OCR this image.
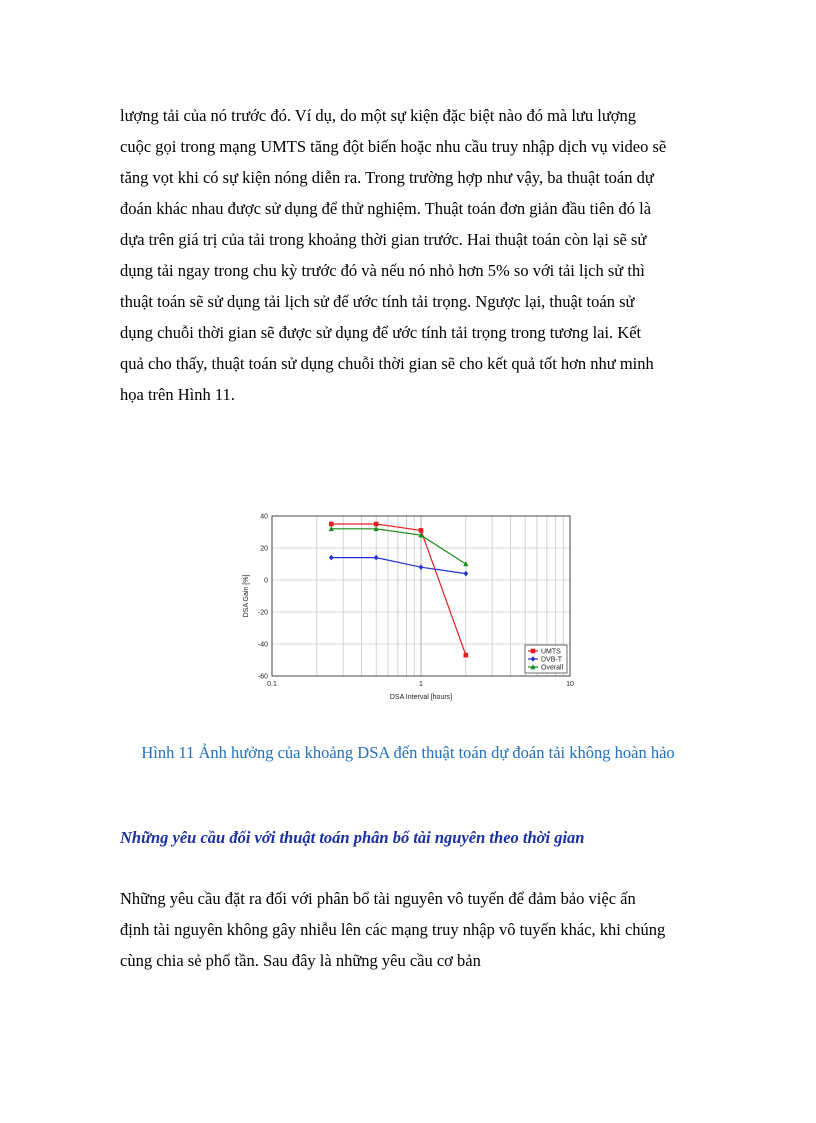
lượng tải của nó trước đó. Ví dụ, do một sự kiện đặc biệt nào đó mà lưu lượng
cuộc gọi trong mạng UMTS tăng đột biến hoặc nhu cầu truy nhập dịch vụ video sẽ
tăng vọt khi có sự kiện nóng diễn ra. Trong trường hợp như vậy, ba thuật toán dự
đoán khác nhau được sử dụng để thử nghiệm. Thuật toán đơn giản đầu tiên đó là
dựa trên giá trị của tải trong khoảng thời gian trước. Hai thuật toán còn lại sẽ sử
dụng tải ngay trong chu kỳ trước đó và nếu nó nhỏ hơn 5% so với tải lịch sử thì
thuật toán sẽ sử dụng tải lịch sử để ước tính tải trọng. Ngược lại, thuật toán sử
dụng chuỗi thời gian sẽ được sử dụng để ước tính tải trọng trong tương lai. Kết
quả cho thấy, thuật toán sử dụng chuỗi thời gian sẽ cho kết quả tốt hơn như minh
họa trên Hình 11.
40
20
0
-20
-40
-60
0.1	1	10
DSA Interval [hours]
DSA Gain [%]
UMTS
DVB-T
Overall

Hình 11 Ảnh hưởng của khoảng DSA đến thuật toán dự đoán tải không hoàn hảo

Những yêu cầu đối với thuật toán phân bổ tài nguyên theo thời gian

Những yêu cầu đặt ra đối với phân bổ tài nguyên vô tuyến để đảm bảo việc ấn
định tài nguyên không gây nhiễu lên các mạng truy nhập vô tuyến khác, khi chúng
cùng chia sẻ phổ tần. Sau đây là những yêu cầu cơ bản
